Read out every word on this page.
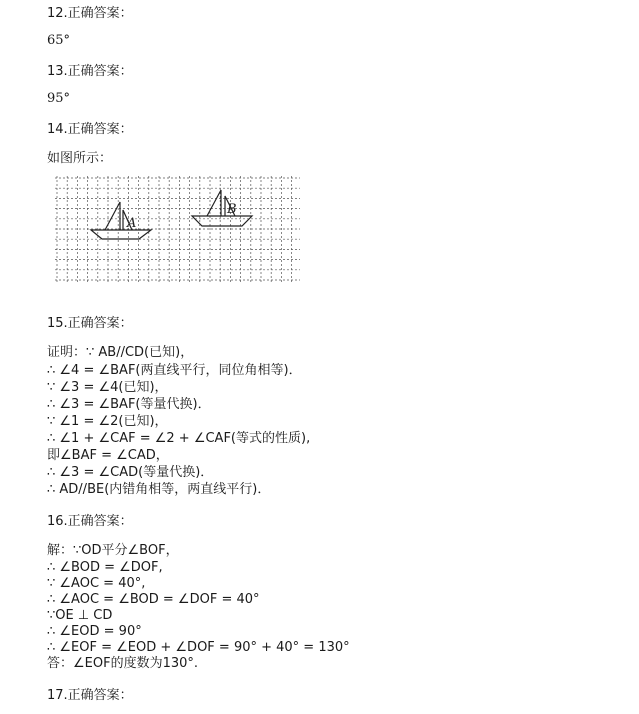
12.正确答案：
65°
13.正确答案：
95°
14.正确答案：
如图所示：
A
B
15.正确答案：
证明：∵ AB//CD(已知)，
∴ ∠4 = ∠BAF(两直线平行，同位角相等)．
∵ ∠3 = ∠4(已知)，
∴ ∠3 = ∠BAF(等量代换)．
∵ ∠1 = ∠2(已知)，
∴ ∠1 + ∠CAF = ∠2 + ∠CAF(等式的性质),
即∠BAF = ∠CAD，
∴ ∠3 = ∠CAD(等量代换)．
∴ AD//BE(内错角相等，两直线平行)．
16.正确答案：
解：∵OD平分∠BOF，
∴ ∠BOD = ∠DOF,
∵ ∠AOC = 40°,
∴ ∠AOC = ∠BOD = ∠DOF = 40°
∵OE ⊥ CD
∴ ∠EOD = 90°
∴ ∠EOF = ∠EOD + ∠DOF = 90° + 40° = 130°
答：∠EOF的度数为130°.
17.正确答案：
